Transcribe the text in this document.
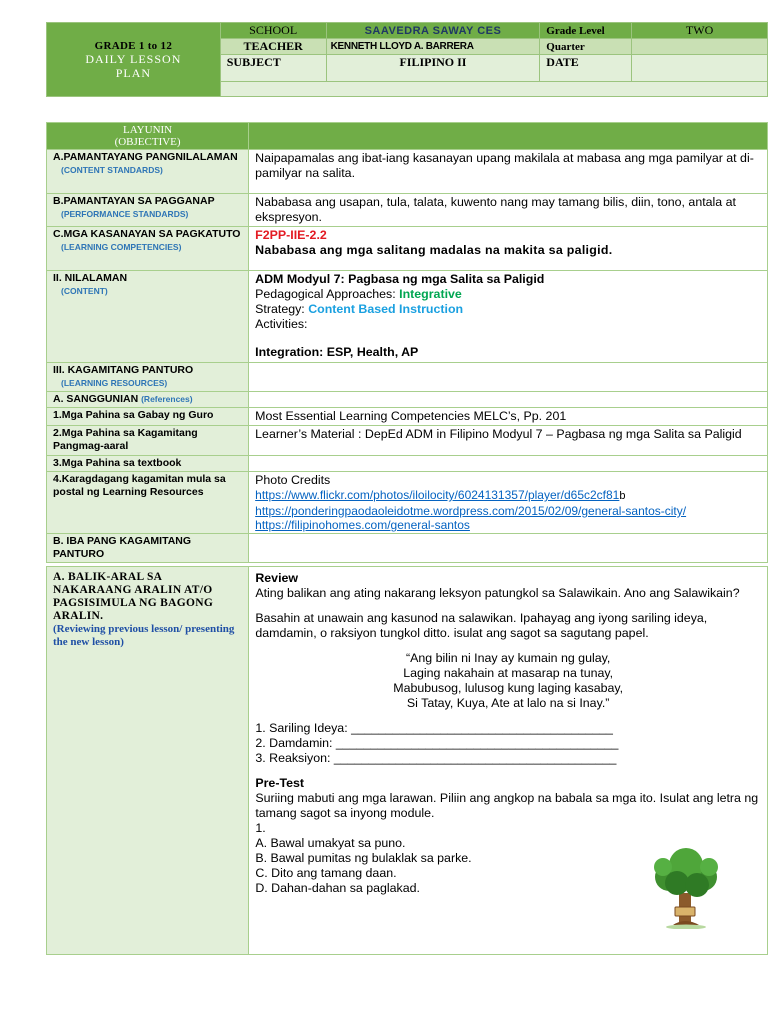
GRADE 1 to 12
DAILY LESSON
PLAN	SCHOOL	SAAVEDRA SAWAY CES	Grade Level	TWO
	TEACHER	KENNETH LLOYD A. BARRERA	Quarter	
	SUBJECT	FILIPINO II	DATE	

LAYUNIN
(OBJECTIVE)	
A.PAMANTAYANG PANGNILALAMAN
(CONTENT STANDARDS)	Naipapamalas ang ibat-iang kasanayan upang makilala at mabasa ang mga pamilyar at di-pamilyar na salita.
B.PAMANTAYAN SA PAGGANAP
(PERFORMANCE STANDARDS)	Nababasa ang usapan, tula, talata, kuwento nang may tamang bilis, diin, tono, antala at ekspresyon.
C.MGA KASANAYAN SA PAGKATUTO
(LEARNING COMPETENCIES)	F2PP-IIE-2.2
Nababasa ang mga salitang madalas na makita sa paligid.
II. NILALAMAN
(CONTENT)	ADM Modyul 7: Pagbasa ng mga Salita sa Paligid
Pedagogical Approaches: Integrative
Strategy: Content Based Instruction
Activities:

Integration: ESP, Health, AP
III. KAGAMITANG PANTURO
(LEARNING RESOURCES)	

A. SANGGUNIAN (References)	
1.Mga Pahina sa Gabay ng Guro	Most Essential Learning Competencies MELC’s, Pp. 201
2.Mga Pahina sa Kagamitang Pangmag-aaral	Learner’s Material : DepEd ADM in Filipino Modyul 7 – Pagbasa ng mga Salita sa Paligid
3.Mga Pahina sa textbook	
4.Karagdagang kagamitan mula sa postal ng Learning Resources	Photo Credits

https://www.flickr.com/photos/iloilocity/6024131357/player/d65c2cf81b
https://ponderingpaodaoleidotme.wordpress.com/2015/02/09/general-santos-city/
https://filipinohomes.com/general-santos

B. IBA PANG KAGAMITANG PANTURO	
A. BALIK-ARAL SA NAKARAANG ARALIN AT/O PAGSISIMULA NG BAGONG ARALIN.
(Reviewing previous lesson/ presenting the new lesson)

Review
Ating balikan ang ating nakarang leksyon patungkol sa Salawikain. Ano ang Salawikain?
Basahin at unawain ang kasunod na salawikan. Ipahayag ang iyong sariling ideya, damdamin, o raksiyon tungkol ditto. isulat ang sagot sa sagutang papel.
“Ang bilin ni Inay ay kumain ng gulay,
Laging nakahain at masarap na tunay,
Mabubusog, lulusog kung laging kasabay,
Si Tatay, Kuya, Ate at lalo na si Inay.”
1. Sariling Ideya: ______________________________________
2. Damdamin: _________________________________________
3. Reaksiyon: _________________________________________
Pre-Test
Suriing mabuti ang mga larawan. Piliin ang angkop na babala sa mga ito. Isulat ang letra ng tamang sagot sa inyong module.
1.
A. Bawal umakyat sa puno.
B. Bawal pumitas ng bulaklak sa parke.
C. Dito ang tamang daan.
D. Dahan-dahan sa paglakad.
